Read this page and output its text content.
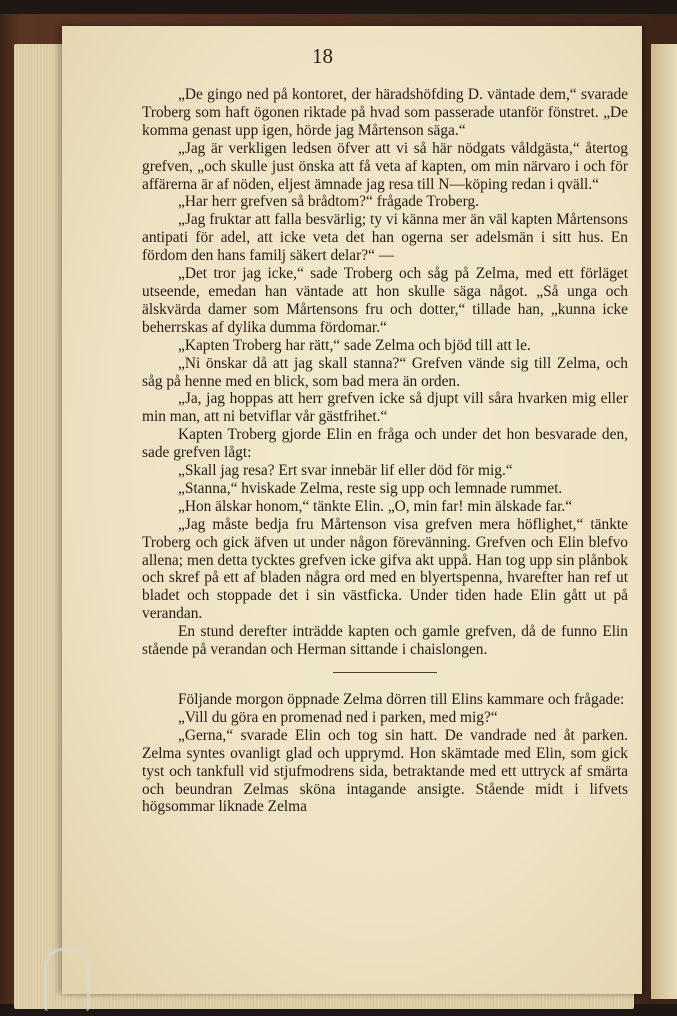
18

„De gingo ned på kontoret, der häradshöfding D. väntade dem,“ svarade Troberg som haft ögonen riktade på hvad som passerade utanför fönstret. „De komma genast upp igen, hörde jag Mårtenson säga.“

„Jag är verkligen ledsen öfver att vi så här nödgats våldgästa,“ återtog grefven, „och skulle just önska att få veta af kapten, om min närvaro i och för affärerna är af nöden, eljest ämnade jag resa till N—köping redan i qväll.“

„Har herr grefven så brådtom?“ frågade Troberg.

„Jag fruktar att falla besvärlig; ty vi känna mer än väl kapten Mårtensons antipati för adel, att icke veta det han ogerna ser adelsmän i sitt hus. En fördom den hans familj säkert delar?“ —

„Det tror jag icke,“ sade Troberg och såg på Zelma, med ett förläget utseende, emedan han väntade att hon skulle säga något. „Så unga och älskvärda damer som Mårtensons fru och dotter,“ tillade han, „kunna icke beherrskas af dylika dumma fördomar.“

„Kapten Troberg har rätt,“ sade Zelma och bjöd till att le.

„Ni önskar då att jag skall stanna?“ Grefven vände sig till Zelma, och såg på henne med en blick, som bad mera än orden.

„Ja, jag hoppas att herr grefven icke så djupt vill såra hvarken mig eller min man, att ni betviflar vår gästfrihet.“

Kapten Troberg gjorde Elin en fråga och under det hon besvarade den, sade grefven lågt:

„Skall jag resa? Ert svar innebär lif eller död för mig.“

„Stanna,“ hviskade Zelma, reste sig upp och lemnade rummet.

„Hon älskar honom,“ tänkte Elin. „O, min far! min älskade far.“

„Jag måste bedja fru Mårtenson visa grefven mera höflighet,“ tänkte Troberg och gick äfven ut under någon förevänning. Grefven och Elin blefvo allena; men detta tycktes grefven icke gifva akt uppå. Han tog upp sin plånbok och skref på ett af bladen några ord med en blyertspenna, hvarefter han ref ut bladet och stoppade det i sin västficka. Under tiden hade Elin gått ut på verandan.

En stund derefter inträdde kapten och gamle grefven, då de funno Elin stående på verandan och Herman sittande i chaislongen.

Följande morgon öppnade Zelma dörren till Elins kammare och frågade:

„Vill du göra en promenad ned i parken, med mig?“

„Gerna,“ svarade Elin och tog sin hatt. De vandrade ned åt parken. Zelma syntes ovanligt glad och upprymd. Hon skämtade med Elin, som gick tyst och tankfull vid stjufmodrens sida, betraktande med ett uttryck af smärta och beundran Zelmas sköna intagande ansigte. Stående midt i lifvets högsommar liknade Zelma
